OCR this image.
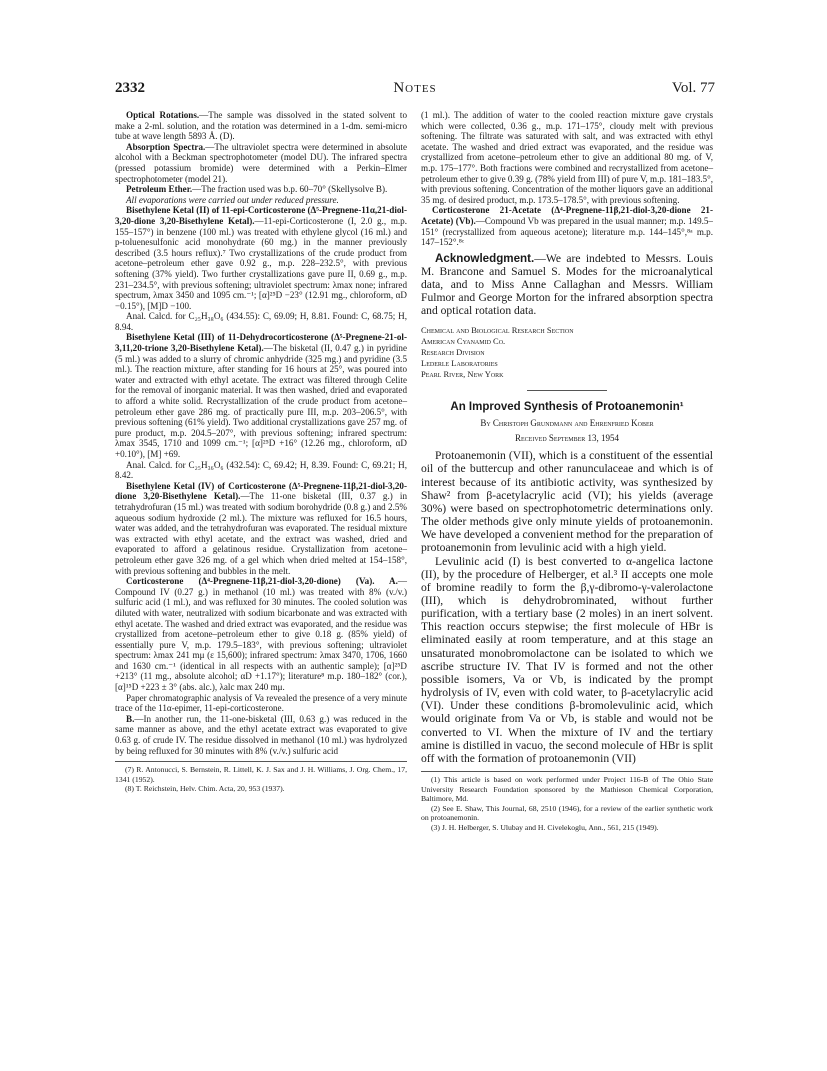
2332	Notes	Vol. 77

Optical Rotations.—The sample was dissolved in the stated solvent to make a 2-ml. solution, and the rotation was determined in a 1-dm. semi-micro tube at wave length 5893 Å. (D).

Absorption Spectra.—The ultraviolet spectra were determined in absolute alcohol with a Beckman spectrophotometer (model DU). The infrared spectra (pressed potassium bromide) were determined with a Perkin–Elmer spectrophotometer (model 21).

Petroleum Ether.—The fraction used was b.p. 60–70° (Skellysolve B).

All evaporations were carried out under reduced pressure.

Bisethylene Ketal (II) of 11-epi-Corticosterone (Δ⁵-Pregnene-11α,21-diol-3,20-dione 3,20-Bisethylene Ketal).—11-epi-Corticosterone (I, 2.0 g., m.p. 155–157°) in benzene (100 ml.) was treated with ethylene glycol (16 ml.) and p-toluenesulfonic acid monohydrate (60 mg.) in the manner previously described (3.5 hours reflux).⁷ Two crystallizations of the crude product from acetone–petroleum ether gave 0.92 g., m.p. 228–232.5°, with previous softening (37% yield). Two further crystallizations gave pure II, 0.69 g., m.p. 231–234.5°, with previous softening; ultraviolet spectrum: λmax none; infrared spectrum, λmax 3450 and 1095 cm.⁻¹; [α]²⁵D −23° (12.91 mg., chloroform, αD −0.15°), [M]D −100.

Anal. Calcd. for C₂₅H₃₈O₆ (434.55): C, 69.09; H, 8.81. Found: C, 68.75; H, 8.94.

Bisethylene Ketal (III) of 11-Dehydrocorticosterone (Δ⁵-Pregnene-21-ol-3,11,20-trione 3,20-Bisethylene Ketal).—The bisketal (II, 0.47 g.) in pyridine (5 ml.) was added to a slurry of chromic anhydride (325 mg.) and pyridine (3.5 ml.). The reaction mixture, after standing for 16 hours at 25°, was poured into water and extracted with ethyl acetate. The extract was filtered through Celite for the removal of inorganic material. It was then washed, dried and evaporated to afford a white solid. Recrystallization of the crude product from acetone–petroleum ether gave 286 mg. of practically pure III, m.p. 203–206.5°, with previous softening (61% yield). Two additional crystallizations gave 257 mg. of pure product, m.p. 204.5–207°, with previous softening; infrared spectrum: λmax 3545, 1710 and 1099 cm.⁻¹; [α]²⁵D +16° (12.26 mg., chloroform, αD +0.10°), [M] +69.

Anal. Calcd. for C₂₅H₃₆O₆ (432.54): C, 69.42; H, 8.39. Found: C, 69.21; H, 8.42.

Bisethylene Ketal (IV) of Corticosterone (Δ⁵-Pregnene-11β,21-diol-3,20-dione 3,20-Bisethylene Ketal).—The 11-one bisketal (III, 0.37 g.) in tetrahydrofuran (15 ml.) was treated with sodium borohydride (0.8 g.) and 2.5% aqueous sodium hydroxide (2 ml.). The mixture was refluxed for 16.5 hours, water was added, and the tetrahydrofuran was evaporated. The residual mixture was extracted with ethyl acetate, and the extract was washed, dried and evaporated to afford a gelatinous residue. Crystallization from acetone–petroleum ether gave 326 mg. of a gel which when dried melted at 154–158°, with previous softening and bubbles in the melt.

Corticosterone (Δ⁴-Pregnene-11β,21-diol-3,20-dione) (Va). A.—Compound IV (0.27 g.) in methanol (10 ml.) was treated with 8% (v./v.) sulfuric acid (1 ml.), and was refluxed for 30 minutes. The cooled solution was diluted with water, neutralized with sodium bicarbonate and was extracted with ethyl acetate. The washed and dried extract was evaporated, and the residue was crystallized from acetone–petroleum ether to give 0.18 g. (85% yield) of essentially pure V, m.p. 179.5–183°, with previous softening; ultraviolet spectrum: λmax 241 mμ (ε 15,600); infrared spectrum: λmax 3470, 1706, 1660 and 1630 cm.⁻¹ (identical in all respects with an authentic sample); [α]²⁵D +213° (11 mg., absolute alcohol; αD +1.17°); literature⁸ m.p. 180–182° (cor.), [α]¹⁵D +223 ± 3° (abs. alc.), λalc max 240 mμ.

Paper chromatographic analysis of Va revealed the presence of a very minute trace of the 11α-epimer, 11-epi-corticosterone.

B.—In another run, the 11-one-bisketal (III, 0.63 g.) was reduced in the same manner as above, and the ethyl acetate extract was evaporated to give 0.63 g. of crude IV. The residue dissolved in methanol (10 ml.) was hydrolyzed by being refluxed for 30 minutes with 8% (v./v.) sulfuric acid

(7) R. Antonucci, S. Bernstein, R. Littell, K. J. Sax and J. H. Williams, J. Org. Chem., 17, 1341 (1952).

(8) T. Reichstein, Helv. Chim. Acta, 20, 953 (1937).

(1 ml.). The addition of water to the cooled reaction mixture gave crystals which were collected, 0.36 g., m.p. 171–175°, cloudy melt with previous softening. The filtrate was saturated with salt, and was extracted with ethyl acetate. The washed and dried extract was evaporated, and the residue was crystallized from acetone–petroleum ether to give an additional 80 mg. of V, m.p. 175–177°. Both fractions were combined and recrystallized from acetone–petroleum ether to give 0.39 g. (78% yield from III) of pure V, m.p. 181–183.5°, with previous softening. Concentration of the mother liquors gave an additional 35 mg. of desired product, m.p. 173.5–178.5°, with previous softening.

Corticosterone 21-Acetate (Δ⁴-Pregnene-11β,21-diol-3,20-dione 21-Acetate) (Vb).—Compound Vb was prepared in the usual manner; m.p. 149.5–151° (recrystallized from aqueous acetone); literature m.p. 144–145°,⁸ᵃ m.p. 147–152°.⁸ᶜ

Acknowledgment.—We are indebted to Messrs. Louis M. Brancone and Samuel S. Modes for the microanalytical data, and to Miss Anne Callaghan and Messrs. William Fulmor and George Morton for the infrared absorption spectra and optical rotation data.

Chemical and Biological Research Section
American Cyanamid Co.
Research Division
Lederle Laboratories
Pearl River, New York
An Improved Synthesis of Protoanemonin¹
By Christoph Grundmann and Ehrenfried Kober
Received September 13, 1954

Protoanemonin (VII), which is a constituent of the essential oil of the buttercup and other ranunculaceae and which is of interest because of its antibiotic activity, was synthesized by Shaw² from β-acetylacrylic acid (VI); his yields (average 30%) were based on spectrophotometric determinations only. The older methods give only minute yields of protoanemonin. We have developed a convenient method for the preparation of protoanemonin from levulinic acid with a high yield.

Levulinic acid (I) is best converted to α-angelica lactone (II), by the procedure of Helberger, et al.³ II accepts one mole of bromine readily to form the β,γ-dibromo-γ-valerolactone (III), which is dehydrobrominated, without further purification, with a tertiary base (2 moles) in an inert solvent. This reaction occurs stepwise; the first molecule of HBr is eliminated easily at room temperature, and at this stage an unsaturated monobromolactone can be isolated to which we ascribe structure IV. That IV is formed and not the other possible isomers, Va or Vb, is indicated by the prompt hydrolysis of IV, even with cold water, to β-acetylacrylic acid (VI). Under these conditions β-bromolevulinic acid, which would originate from Va or Vb, is stable and would not be converted to VI. When the mixture of IV and the tertiary amine is distilled in vacuo, the second molecule of HBr is split off with the formation of protoanemonin (VII)

(1) This article is based on work performed under Project 116-B of The Ohio State University Research Foundation sponsored by the Mathieson Chemical Corporation, Baltimore, Md.

(2) See E. Shaw, This Journal, 68, 2510 (1946), for a review of the earlier synthetic work on protoanemonin.

(3) J. H. Helberger, S. Ulubay and H. Civelekoglu, Ann., 561, 215 (1949).
